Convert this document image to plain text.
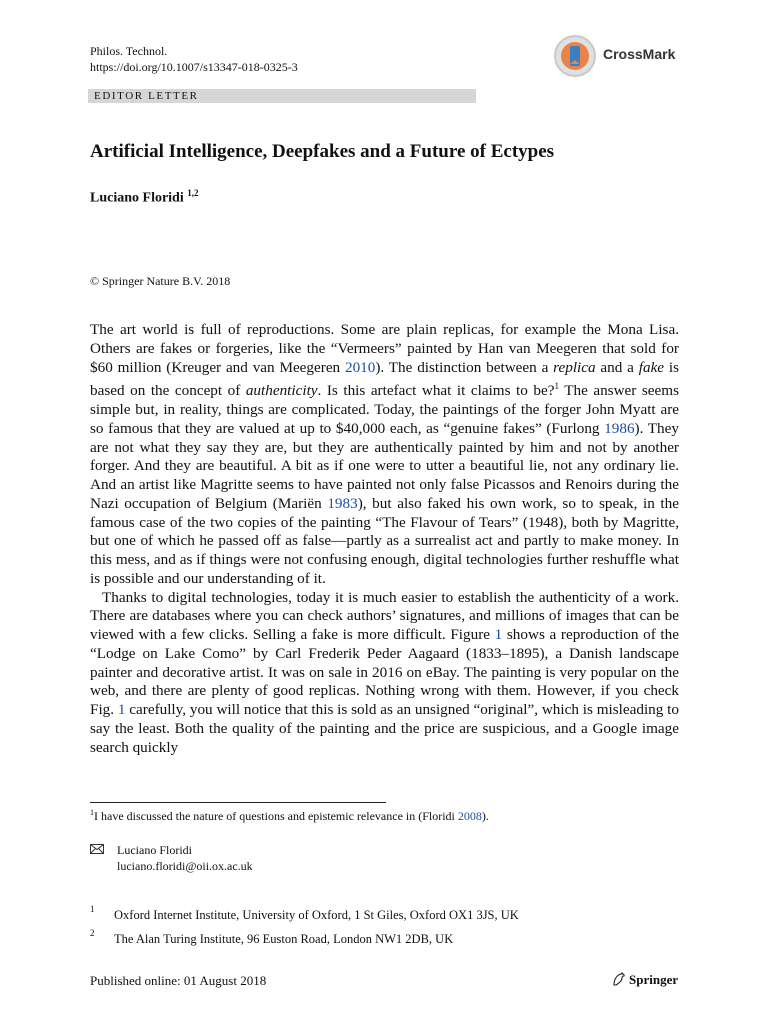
Philos. Technol.
https://doi.org/10.1007/s13347-018-0325-3
CrossMark
EDITOR LETTER
Artificial Intelligence, Deepfakes and a Future of Ectypes
Luciano Floridi $^{1,2}$
© Springer Nature B.V. 2018

The art world is full of reproductions. Some are plain replicas, for example the Mona Lisa. Others are fakes or forgeries, like the “Vermeers” painted by Han van Meegeren that sold for $60 million (Kreuger and van Meegeren 2010). The distinction between a replica and a fake is based on the concept of authenticity. Is this artefact what it claims to be?$^1$ The answer seems simple but, in reality, things are complicated. Today, the paintings of the forger John Myatt are so famous that they are valued at up to $40,000 each, as “genuine fakes” (Furlong 1986). They are not what they say they are, but they are authentically painted by him and not by another forger. And they are beautiful. A bit as if one were to utter a beautiful lie, not any ordinary lie. And an artist like Magritte seems to have painted not only false Picassos and Renoirs during the Nazi occupation of Belgium (Mariën 1983), but also faked his own work, so to speak, in the famous case of the two copies of the painting “The Flavour of Tears” (1948), both by Magritte, but one of which he passed off as false—partly as a surrealist act and partly to make money. In this mess, and as if things were not confusing enough, digital technologies further reshuffle what is possible and our understanding of it.

Thanks to digital technologies, today it is much easier to establish the authenticity of a work. There are databases where you can check authors’ signatures, and millions of images that can be viewed with a few clicks. Selling a fake is more difficult. Figure 1 shows a reproduction of the “Lodge on Lake Como” by Carl Frederik Peder Aagaard (1833–1895), a Danish landscape painter and decorative artist. It was on sale in 2016 on eBay. The painting is very popular on the web, and there are plenty of good replicas. Nothing wrong with them. However, if you check Fig. 1 carefully, you will notice that this is sold as an unsigned “original”, which is misleading to say the least. Both the quality of the painting and the price are suspicious, and a Google image search quickly

$^1$I have discussed the nature of questions and epistemic relevance in (Floridi 2008).
Luciano Floridi
luciano.floridi@oii.ox.ac.uk
1 Oxford Internet Institute, University of Oxford, 1 St Giles, Oxford OX1 3JS, UK
2 The Alan Turing Institute, 96 Euston Road, London NW1 2DB, UK
Published online: 01 August 2018	Springer
